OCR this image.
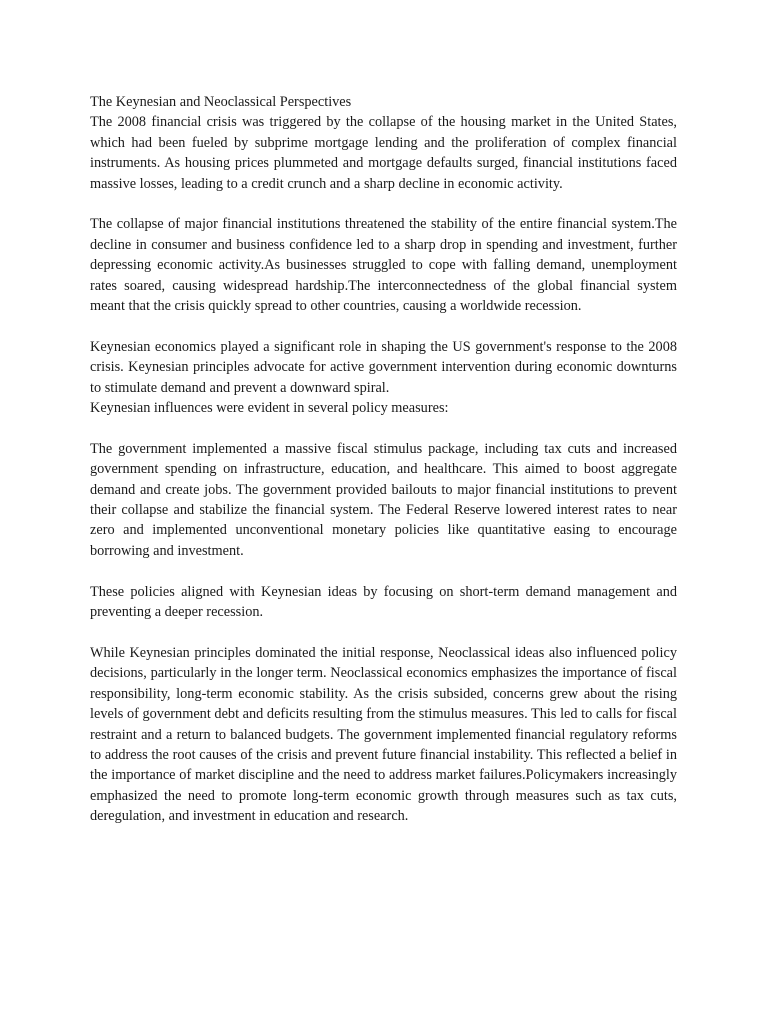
The Keynesian and Neoclassical Perspectives

The 2008 financial crisis was triggered by the collapse of the housing market in the United States, which had been fueled by subprime mortgage lending and the proliferation of complex financial instruments. As housing prices plummeted and mortgage defaults surged, financial institutions faced massive losses, leading to a credit crunch and a sharp decline in economic activity.

The collapse of major financial institutions threatened the stability of the entire financial system.The decline in consumer and business confidence led to a sharp drop in spending and investment, further depressing economic activity.As businesses struggled to cope with falling demand, unemployment rates soared, causing widespread hardship.The interconnectedness of the global financial system meant that the crisis quickly spread to other countries, causing a worldwide recession.

Keynesian economics played a significant role in shaping the US government's response to the 2008 crisis. Keynesian principles advocate for active government intervention during economic downturns to stimulate demand and prevent a downward spiral.

Keynesian influences were evident in several policy measures:

The government implemented a massive fiscal stimulus package, including tax cuts and increased government spending on infrastructure, education, and healthcare. This aimed to boost aggregate demand and create jobs. The government provided bailouts to major financial institutions to prevent their collapse and stabilize the financial system. The Federal Reserve lowered interest rates to near zero and implemented unconventional monetary policies like quantitative easing to encourage borrowing and investment.

These policies aligned with Keynesian ideas by focusing on short-term demand management and preventing a deeper recession.

While Keynesian principles dominated the initial response, Neoclassical ideas also influenced policy decisions, particularly in the longer term. Neoclassical economics emphasizes the importance of fiscal responsibility, long-term economic stability. As the crisis subsided, concerns grew about the rising levels of government debt and deficits resulting from the stimulus measures. This led to calls for fiscal restraint and a return to balanced budgets. The government implemented financial regulatory reforms to address the root causes of the crisis and prevent future financial instability. This reflected a belief in the importance of market discipline and the need to address market failures.Policymakers increasingly emphasized the need to promote long-term economic growth through measures such as tax cuts, deregulation, and investment in education and research.
